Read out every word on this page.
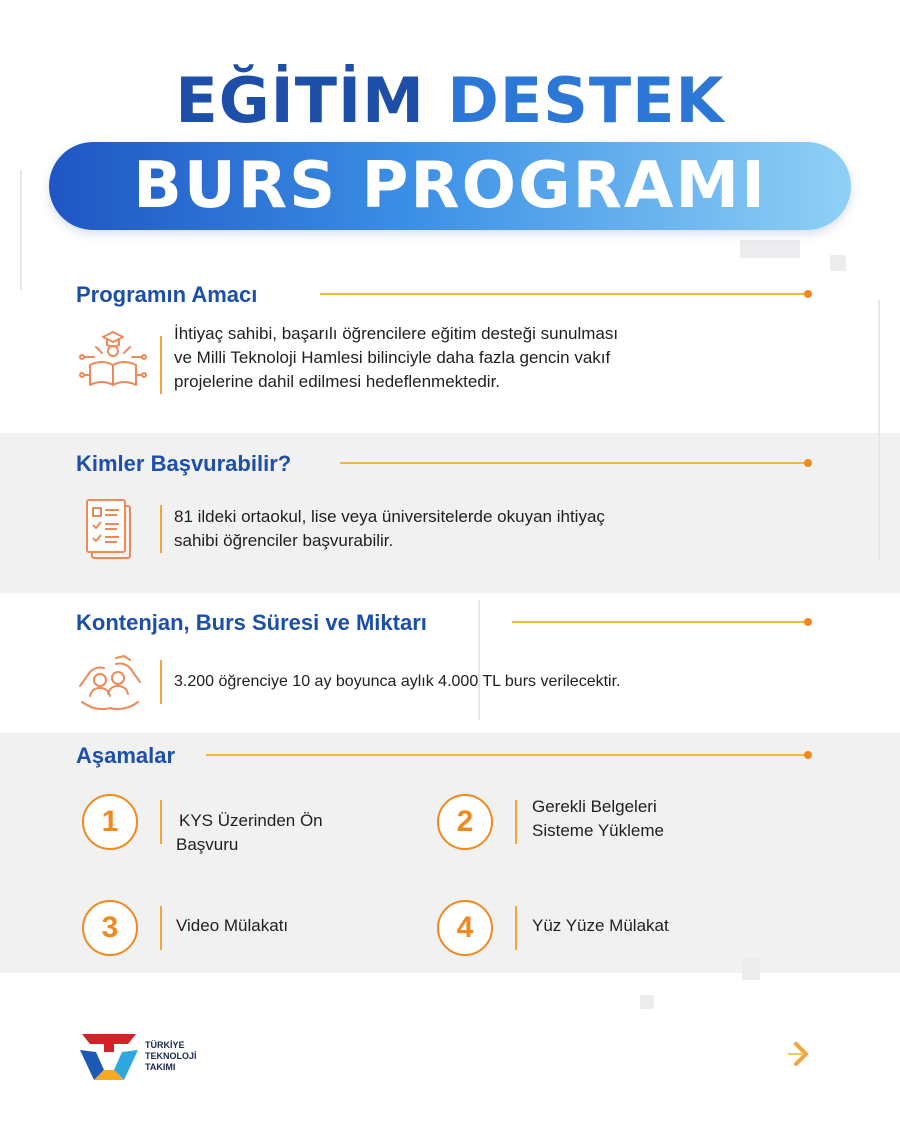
EĞİTİM DESTEK
BURS PROGRAMI
Programın Amacı
İhtiyaç sahibi, başarılı öğrencilere eğitim desteği sunulması
ve Milli Teknoloji Hamlesi bilinciyle daha fazla gencin vakıf
projelerine dahil edilmesi hedeflenmektedir.
Kimler Başvurabilir?
81 ildeki ortaokul, lise veya üniversitelerde okuyan ihtiyaç
sahibi öğrenciler başvurabilir.
Kontenjan, Burs Süresi ve Miktarı
3.200 öğrenciye 10 ay boyunca aylık 4.000 TL burs verilecektir.
Aşamalar
1	KYS Üzerinden Ön
Başvuru
2	Gerekli Belgeleri
Sisteme Yükleme
3	Video Mülakatı	4	Yüz Yüze Mülakat
TÜRKİYE
TEKNOLOJİ
TAKIMI
